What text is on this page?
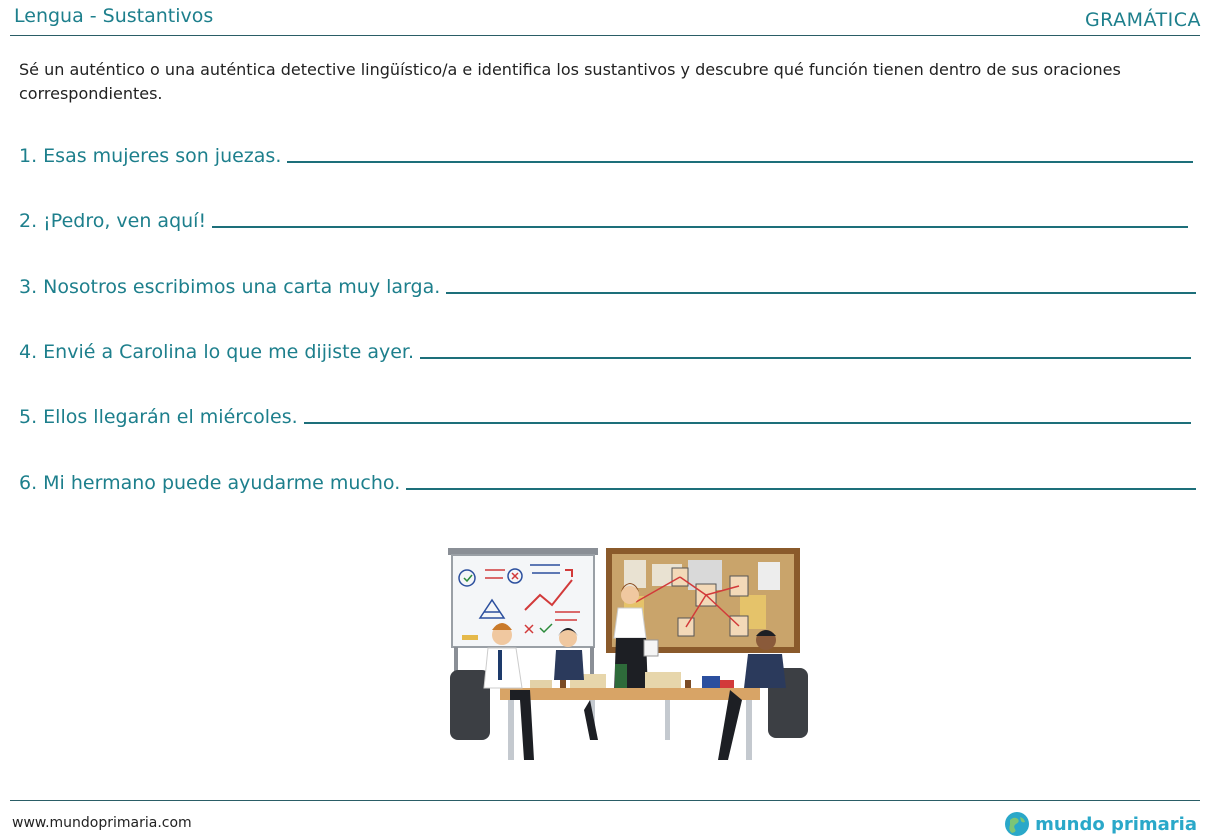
Lengua - Sustantivos	GRAMÁTICA
Sé un auténtico o una auténtica detective lingüístico/a e identifica los sustantivos y descubre qué función tienen dentro de sus oraciones correspondientes.
1. Esas mujeres son juezas.
2. ¡Pedro, ven aquí!
3. Nosotros escribimos una carta muy larga.
4. Envié a Carolina lo que me dijiste ayer.
5. Ellos llegarán el miércoles.
6. Mi hermano puede ayudarme mucho.
www.mundoprimaria.com	mundo primaria
